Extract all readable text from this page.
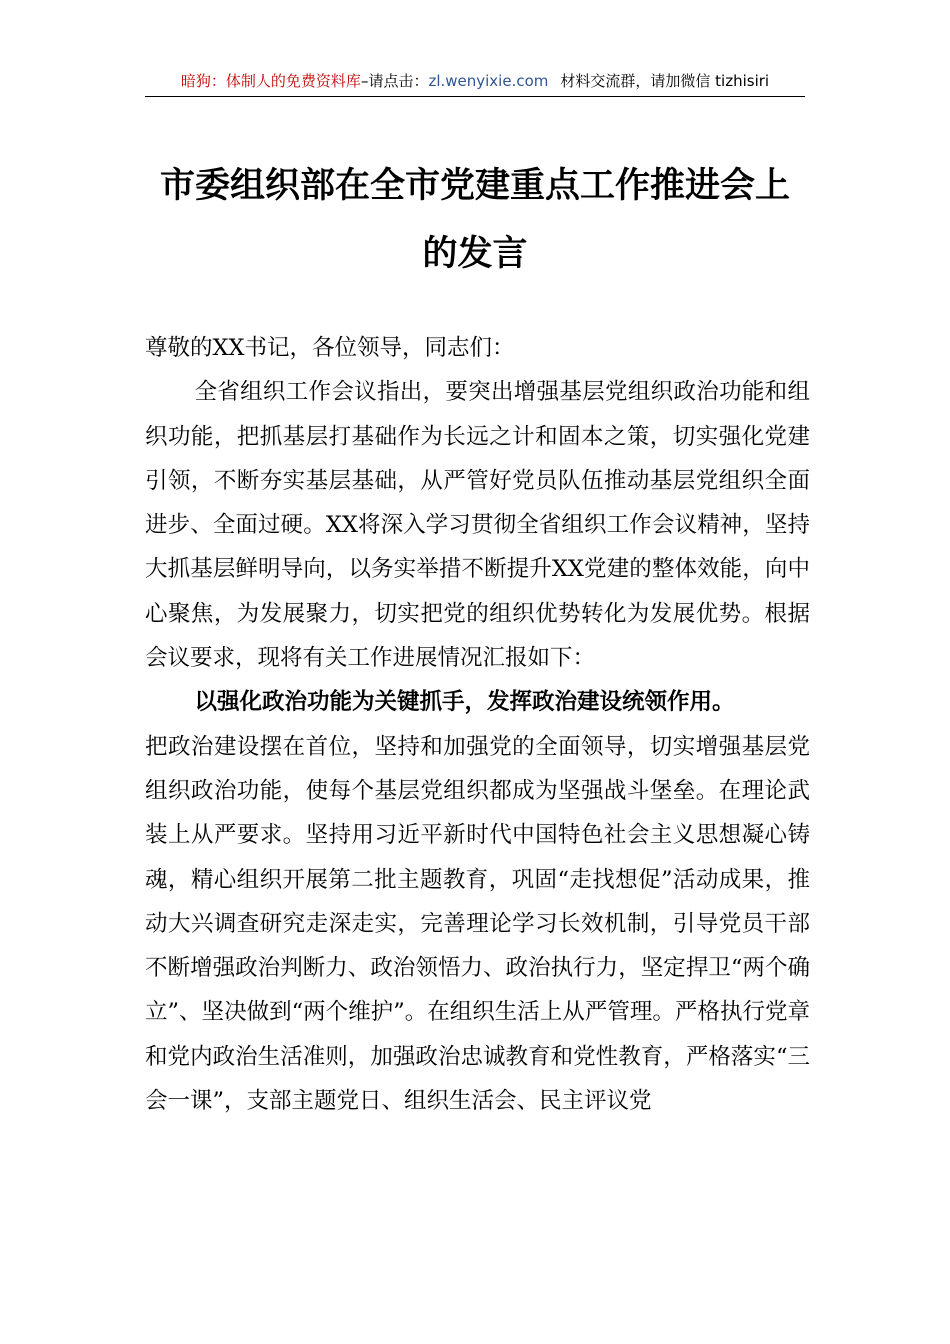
暗狗：体制人的免费资料库–请点击：zl.wenyixie.com 材料交流群，请加微信 tizhisiri
市委组织部在全市党建重点工作推进会上
的发言

尊敬的XX书记，各位领导，同志们：

全省组织工作会议指出，要突出增强基层党组织政治功能和组织功能，把抓基层打基础作为长远之计和固本之策，切实强化党建引领，不断夯实基层基础，从严管好党员队伍推动基层党组织全面进步、全面过硬。XX将深入学习贯彻全省组织工作会议精神，坚持大抓基层鲜明导向，以务实举措不断提升XX党建的整体效能，向中心聚焦，为发展聚力，切实把党的组织优势转化为发展优势。根据会议要求，现将有关工作进展情况汇报如下：

以强化政治功能为关键抓手，发挥政治建设统领作用。

把政治建设摆在首位，坚持和加强党的全面领导，切实增强基层党组织政治功能，使每个基层党组织都成为坚强战斗堡垒。在理论武装上从严要求。坚持用习近平新时代中国特色社会主义思想凝心铸魂，精心组织开展第二批主题教育，巩固“走找想促”活动成果，推动大兴调查研究走深走实，完善理论学习长效机制，引导党员干部不断增强政治判断力、政治领悟力、政治执行力，坚定捍卫“两个确立”、坚决做到“两个维护”。在组织生活上从严管理。严格执行党章和党内政治生活准则，加强政治忠诚教育和党性教育，严格落实“三会一课”，支部主题党日、组织生活会、民主评议党
